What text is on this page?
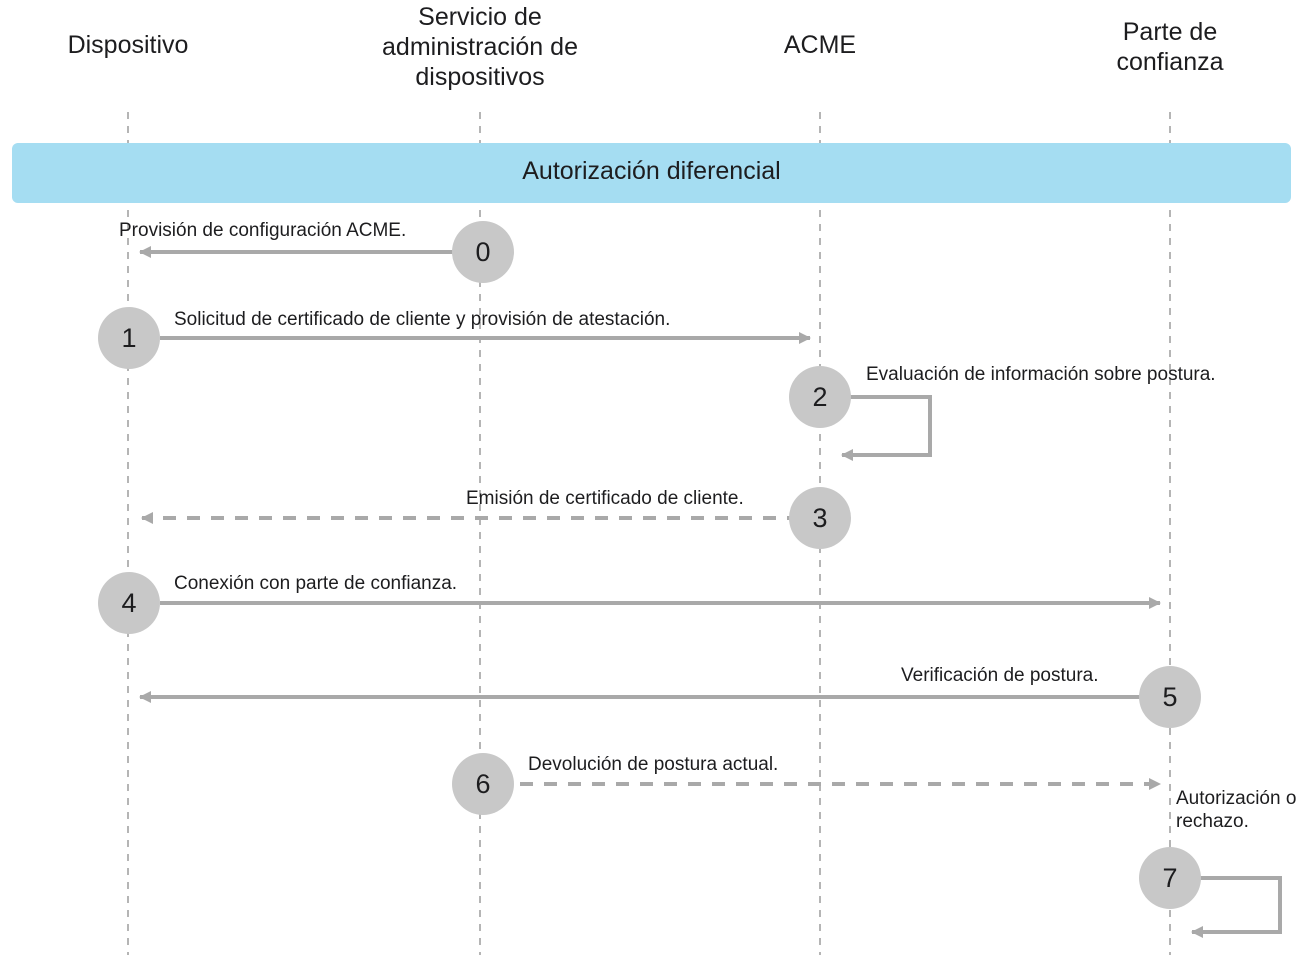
Dispositivo
Servicio de administración de dispositivos
ACME	Parte de confianza
Autorización diferencial
0
Provisión de configuración ACME.
1
Solicitud de certificado de cliente y provisión de atestación.
2
Evaluación de información sobre postura.
3
Emisión de certificado de cliente.
4
Conexión con parte de confianza.
5
Verificación de postura.
6
Devolución de postura actual.
7
Autorización o rechazo.
